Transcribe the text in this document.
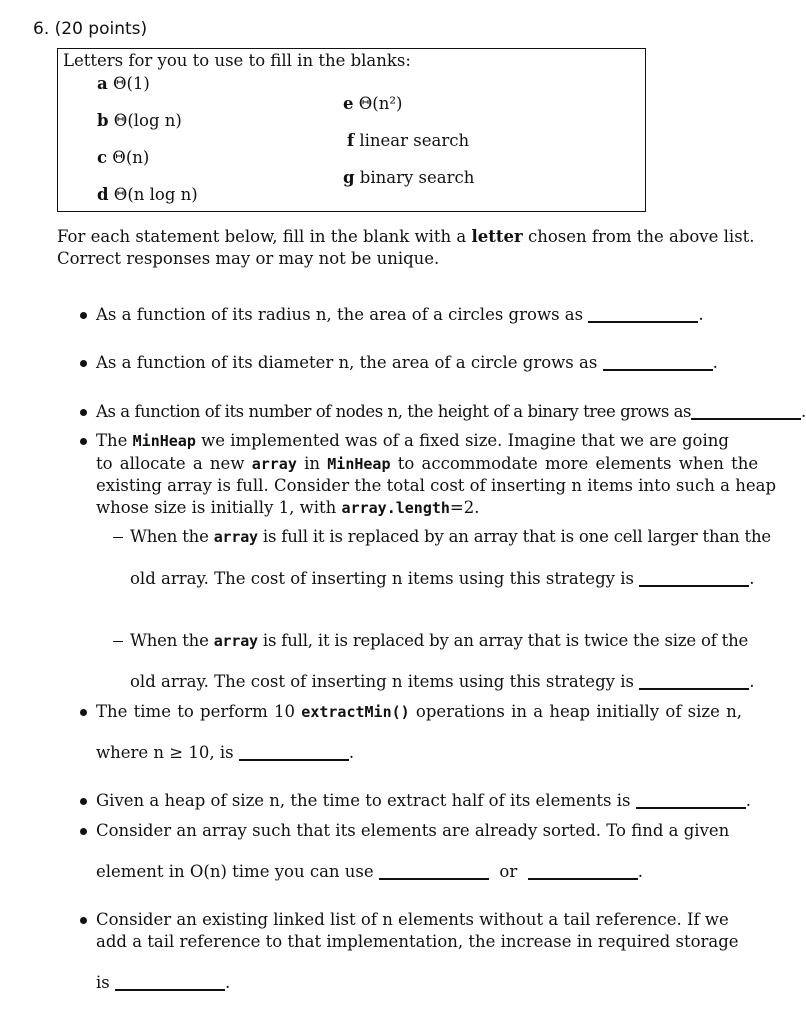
6. (20 points)
Letters for you to use to fill in the blanks:
a Θ(1)
b Θ(log n)
c Θ(n)
d Θ(n log n)
e Θ(n²)
f linear search
g binary search
For each statement below, fill in the blank with a letter chosen from the above list.
Correct responses may or may not be unique.
As a function of its radius n, the area of a circles grows as	.
As a function of its diameter n, the area of a circle grows as	.
As a function of its number of nodes n, the height of a binary tree grows as	.
The MinHeap we implemented was of a fixed size. Imagine that we are going
to allocate a new array in MinHeap to accommodate more elements when the
existing array is full. Consider the total cost of inserting n items into such a heap
whose size is initially 1, with array.length=2.
When the array is full it is replaced by an array that is one cell larger than the
old array. The cost of inserting n items using this strategy is	.
When the array is full, it is replaced by an array that is twice the size of the
old array. The cost of inserting n items using this strategy is	.
The time to perform 10 extractMin() operations in a heap initially of size n,
where n ≥ 10, is	.
Given a heap of size n, the time to extract half of its elements is	.
Consider an array such that its elements are already sorted. To find a given
element in O(n) time you can use	or	.
Consider an existing linked list of n elements without a tail reference. If we
add a tail reference to that implementation, the increase in required storage
is	.
